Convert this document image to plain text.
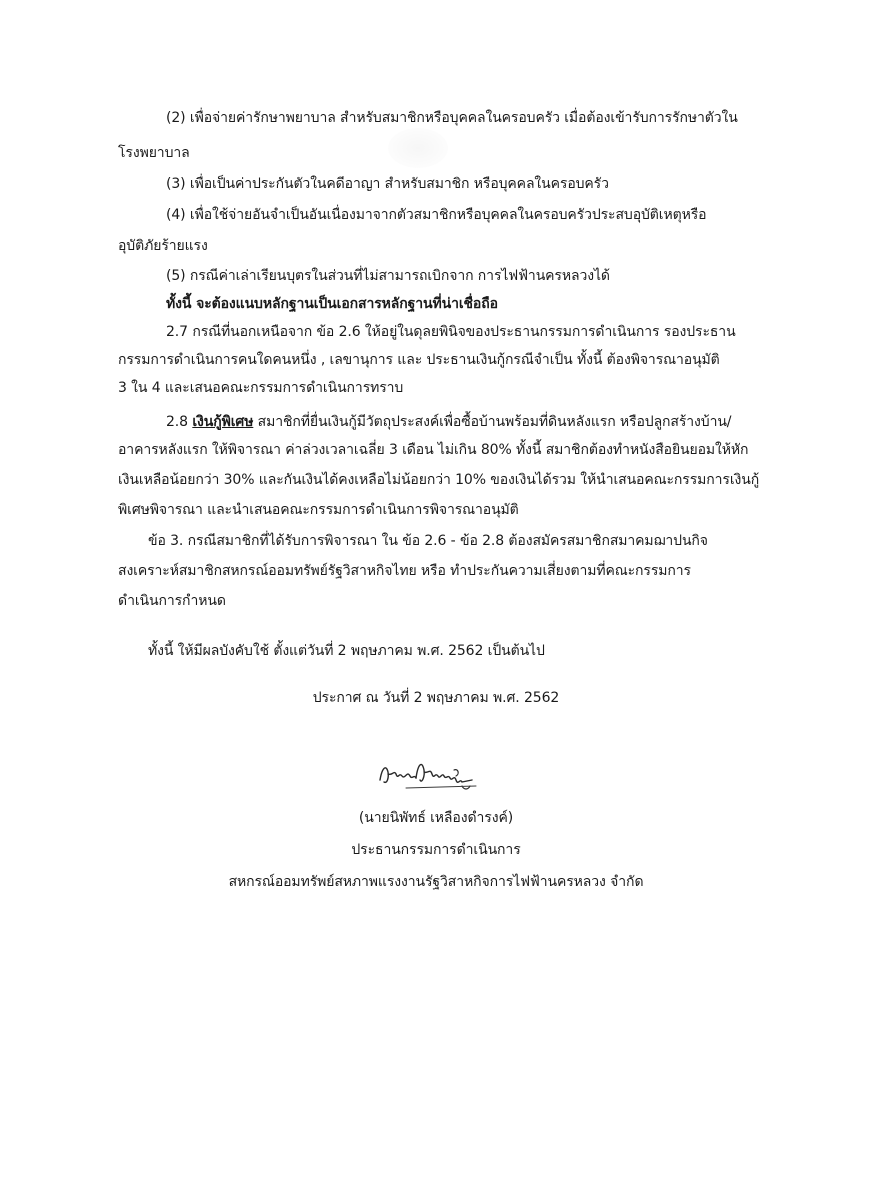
(2) เพื่อจ่ายค่ารักษาพยาบาล สำหรับสมาชิกหรือบุคคลในครอบครัว เมื่อต้องเข้ารับการรักษาตัวใน
โรงพยาบาล
(3) เพื่อเป็นค่าประกันตัวในคดีอาญา สำหรับสมาชิก หรือบุคคลในครอบครัว
(4) เพื่อใช้จ่ายอันจำเป็นอันเนื่องมาจากตัวสมาชิกหรือบุคคลในครอบครัวประสบอุบัติเหตุหรือ
อุบัติภัยร้ายแรง
(5) กรณีค่าเล่าเรียนบุตรในส่วนที่ไม่สามารถเบิกจาก การไฟฟ้านครหลวงได้
ทั้งนี้ จะต้องแนบหลักฐานเป็นเอกสารหลักฐานที่น่าเชื่อถือ
2.7 กรณีที่นอกเหนือจาก ข้อ 2.6 ให้อยู่ในดุลยพินิจของประธานกรรมการดำเนินการ รองประธาน
กรรมการดำเนินการคนใดคนหนึ่ง , เลขานุการ และ ประธานเงินกู้กรณีจำเป็น ทั้งนี้ ต้องพิจารณาอนุมัติ
3 ใน 4 และเสนอคณะกรรมการดำเนินการทราบ
2.8 เงินกู้พิเศษ สมาชิกที่ยื่นเงินกู้มีวัตถุประสงค์เพื่อซื้อบ้านพร้อมที่ดินหลังแรก หรือปลูกสร้างบ้าน/
อาคารหลังแรก ให้พิจารณา ค่าล่วงเวลาเฉลี่ย 3 เดือน ไม่เกิน 80% ทั้งนี้ สมาชิกต้องทำหนังสือยินยอมให้หัก
เงินเหลือน้อยกว่า 30% และกันเงินได้คงเหลือไม่น้อยกว่า 10% ของเงินได้รวม ให้นำเสนอคณะกรรมการเงินกู้
พิเศษพิจารณา และนำเสนอคณะกรรมการดำเนินการพิจารณาอนุมัติ
ข้อ 3. กรณีสมาชิกที่ได้รับการพิจารณา ใน ข้อ 2.6 - ข้อ 2.8 ต้องสมัครสมาชิกสมาคมฌาปนกิจ
สงเคราะห์สมาชิกสหกรณ์ออมทรัพย์รัฐวิสาหกิจไทย หรือ ทำประกันความเสี่ยงตามที่คณะกรรมการ
ดำเนินการกำหนด
ทั้งนี้ ให้มีผลบังคับใช้ ตั้งแต่วันที่ 2 พฤษภาคม พ.ศ. 2562 เป็นต้นไป
ประกาศ ณ วันที่ 2 พฤษภาคม พ.ศ. 2562
(นายนิพัทธ์ เหลืองดำรงค์)
ประธานกรรมการดำเนินการ
สหกรณ์ออมทรัพย์สหภาพแรงงานรัฐวิสาหกิจการไฟฟ้านครหลวง จำกัด
